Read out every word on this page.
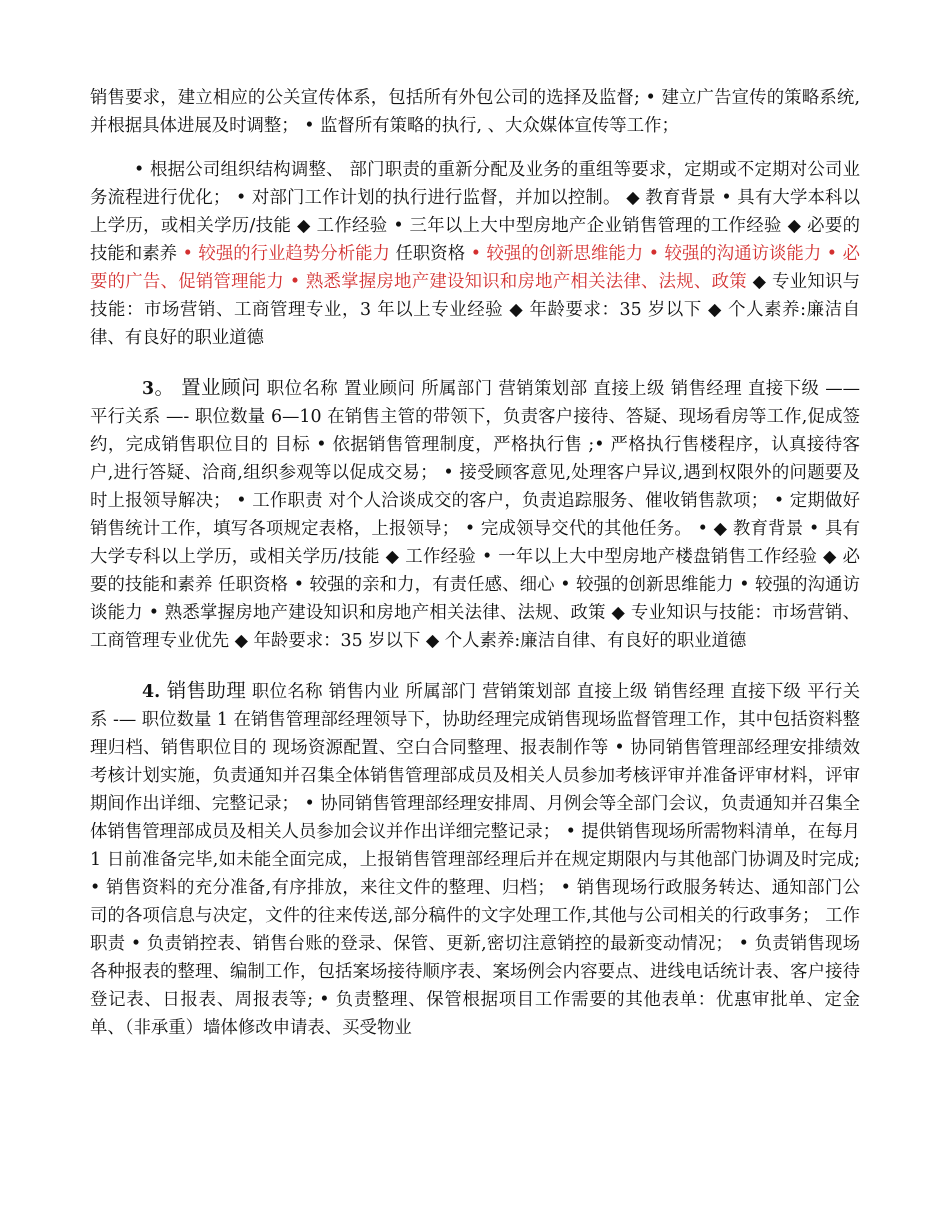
销售要求，建立相应的公关宣传体系，包括所有外包公司的选择及监督; • 建立广告宣传的策略系统,并根据具体进展及时调整； • 监督所有策略的执行, 、大众媒体宣传等工作；

• 根据公司组织结构调整、 部门职责的重新分配及业务的重组等要求，定期或不定期对公司业务流程进行优化； • 对部门工作计划的执行进行监督，并加以控制。 ◆ 教育背景 • 具有大学本科以上学历，或相关学历/技能 ◆ 工作经验 • 三年以上大中型房地产企业销售管理的工作经验 ◆ 必要的技能和素养 • 较强的行业趋势分析能力 任职资格 • 较强的创新思维能力 • 较强的沟通访谈能力 • 必要的广告、促销管理能力 • 熟悉掌握房地产建设知识和房地产相关法律、法规、政策 ◆ 专业知识与技能：市场营销、工商管理专业，3 年以上专业经验 ◆ 年龄要求：35 岁以下 ◆ 个人素养:廉洁自律、有良好的职业道德

3。 置业顾问 职位名称 置业顾问 所属部门 营销策划部 直接上级 销售经理 直接下级 —— 平行关系 —- 职位数量 6—10 在销售主管的带领下，负责客户接待、答疑、现场看房等工作,促成签约，完成销售职位目的 目标 • 依据销售管理制度，严格执行售 ;• 严格执行售楼程序，认真接待客户,进行答疑、洽商,组织参观等以促成交易； • 接受顾客意见,处理客户异议,遇到权限外的问题要及时上报领导解决； • 工作职责 对个人洽谈成交的客户，负责追踪服务、催收销售款项； • 定期做好销售统计工作，填写各项规定表格，上报领导； • 完成领导交代的其他任务。 • ◆ 教育背景 • 具有大学专科以上学历，或相关学历/技能 ◆ 工作经验 • 一年以上大中型房地产楼盘销售工作经验 ◆ 必要的技能和素养 任职资格 • 较强的亲和力，有责任感、细心 • 较强的创新思维能力 • 较强的沟通访谈能力 • 熟悉掌握房地产建设知识和房地产相关法律、法规、政策 ◆ 专业知识与技能：市场营销、工商管理专业优先 ◆ 年龄要求：35 岁以下 ◆ 个人素养:廉洁自律、有良好的职业道德

4. 销售助理 职位名称 销售内业 所属部门 营销策划部 直接上级 销售经理 直接下级 平行关系 -— 职位数量 1 在销售管理部经理领导下，协助经理完成销售现场监督管理工作，其中包括资料整理归档、销售职位目的 现场资源配置、空白合同整理、报表制作等 • 协同销售管理部经理安排绩效考核计划实施，负责通知并召集全体销售管理部成员及相关人员参加考核评审并准备评审材料，评审期间作出详细、完整记录； • 协同销售管理部经理安排周、月例会等全部门会议，负责通知并召集全体销售管理部成员及相关人员参加会议并作出详细完整记录； • 提供销售现场所需物料清单，在每月 1 日前准备完毕,如未能全面完成，上报销售管理部经理后并在规定期限内与其他部门协调及时完成; • 销售资料的充分准备,有序排放，来往文件的整理、归档； • 销售现场行政服务转达、通知部门公司的各项信息与决定，文件的往来传送,部分稿件的文字处理工作,其他与公司相关的行政事务； 工作职责 • 负责销控表、销售台账的登录、保管、更新,密切注意销控的最新变动情况； • 负责销售现场各种报表的整理、编制工作，包括案场接待顺序表、案场例会内容要点、进线电话统计表、客户接待登记表、日报表、周报表等; • 负责整理、保管根据项目工作需要的其他表单：优惠审批单、定金单、（非承重）墙体修改申请表、买受物业
